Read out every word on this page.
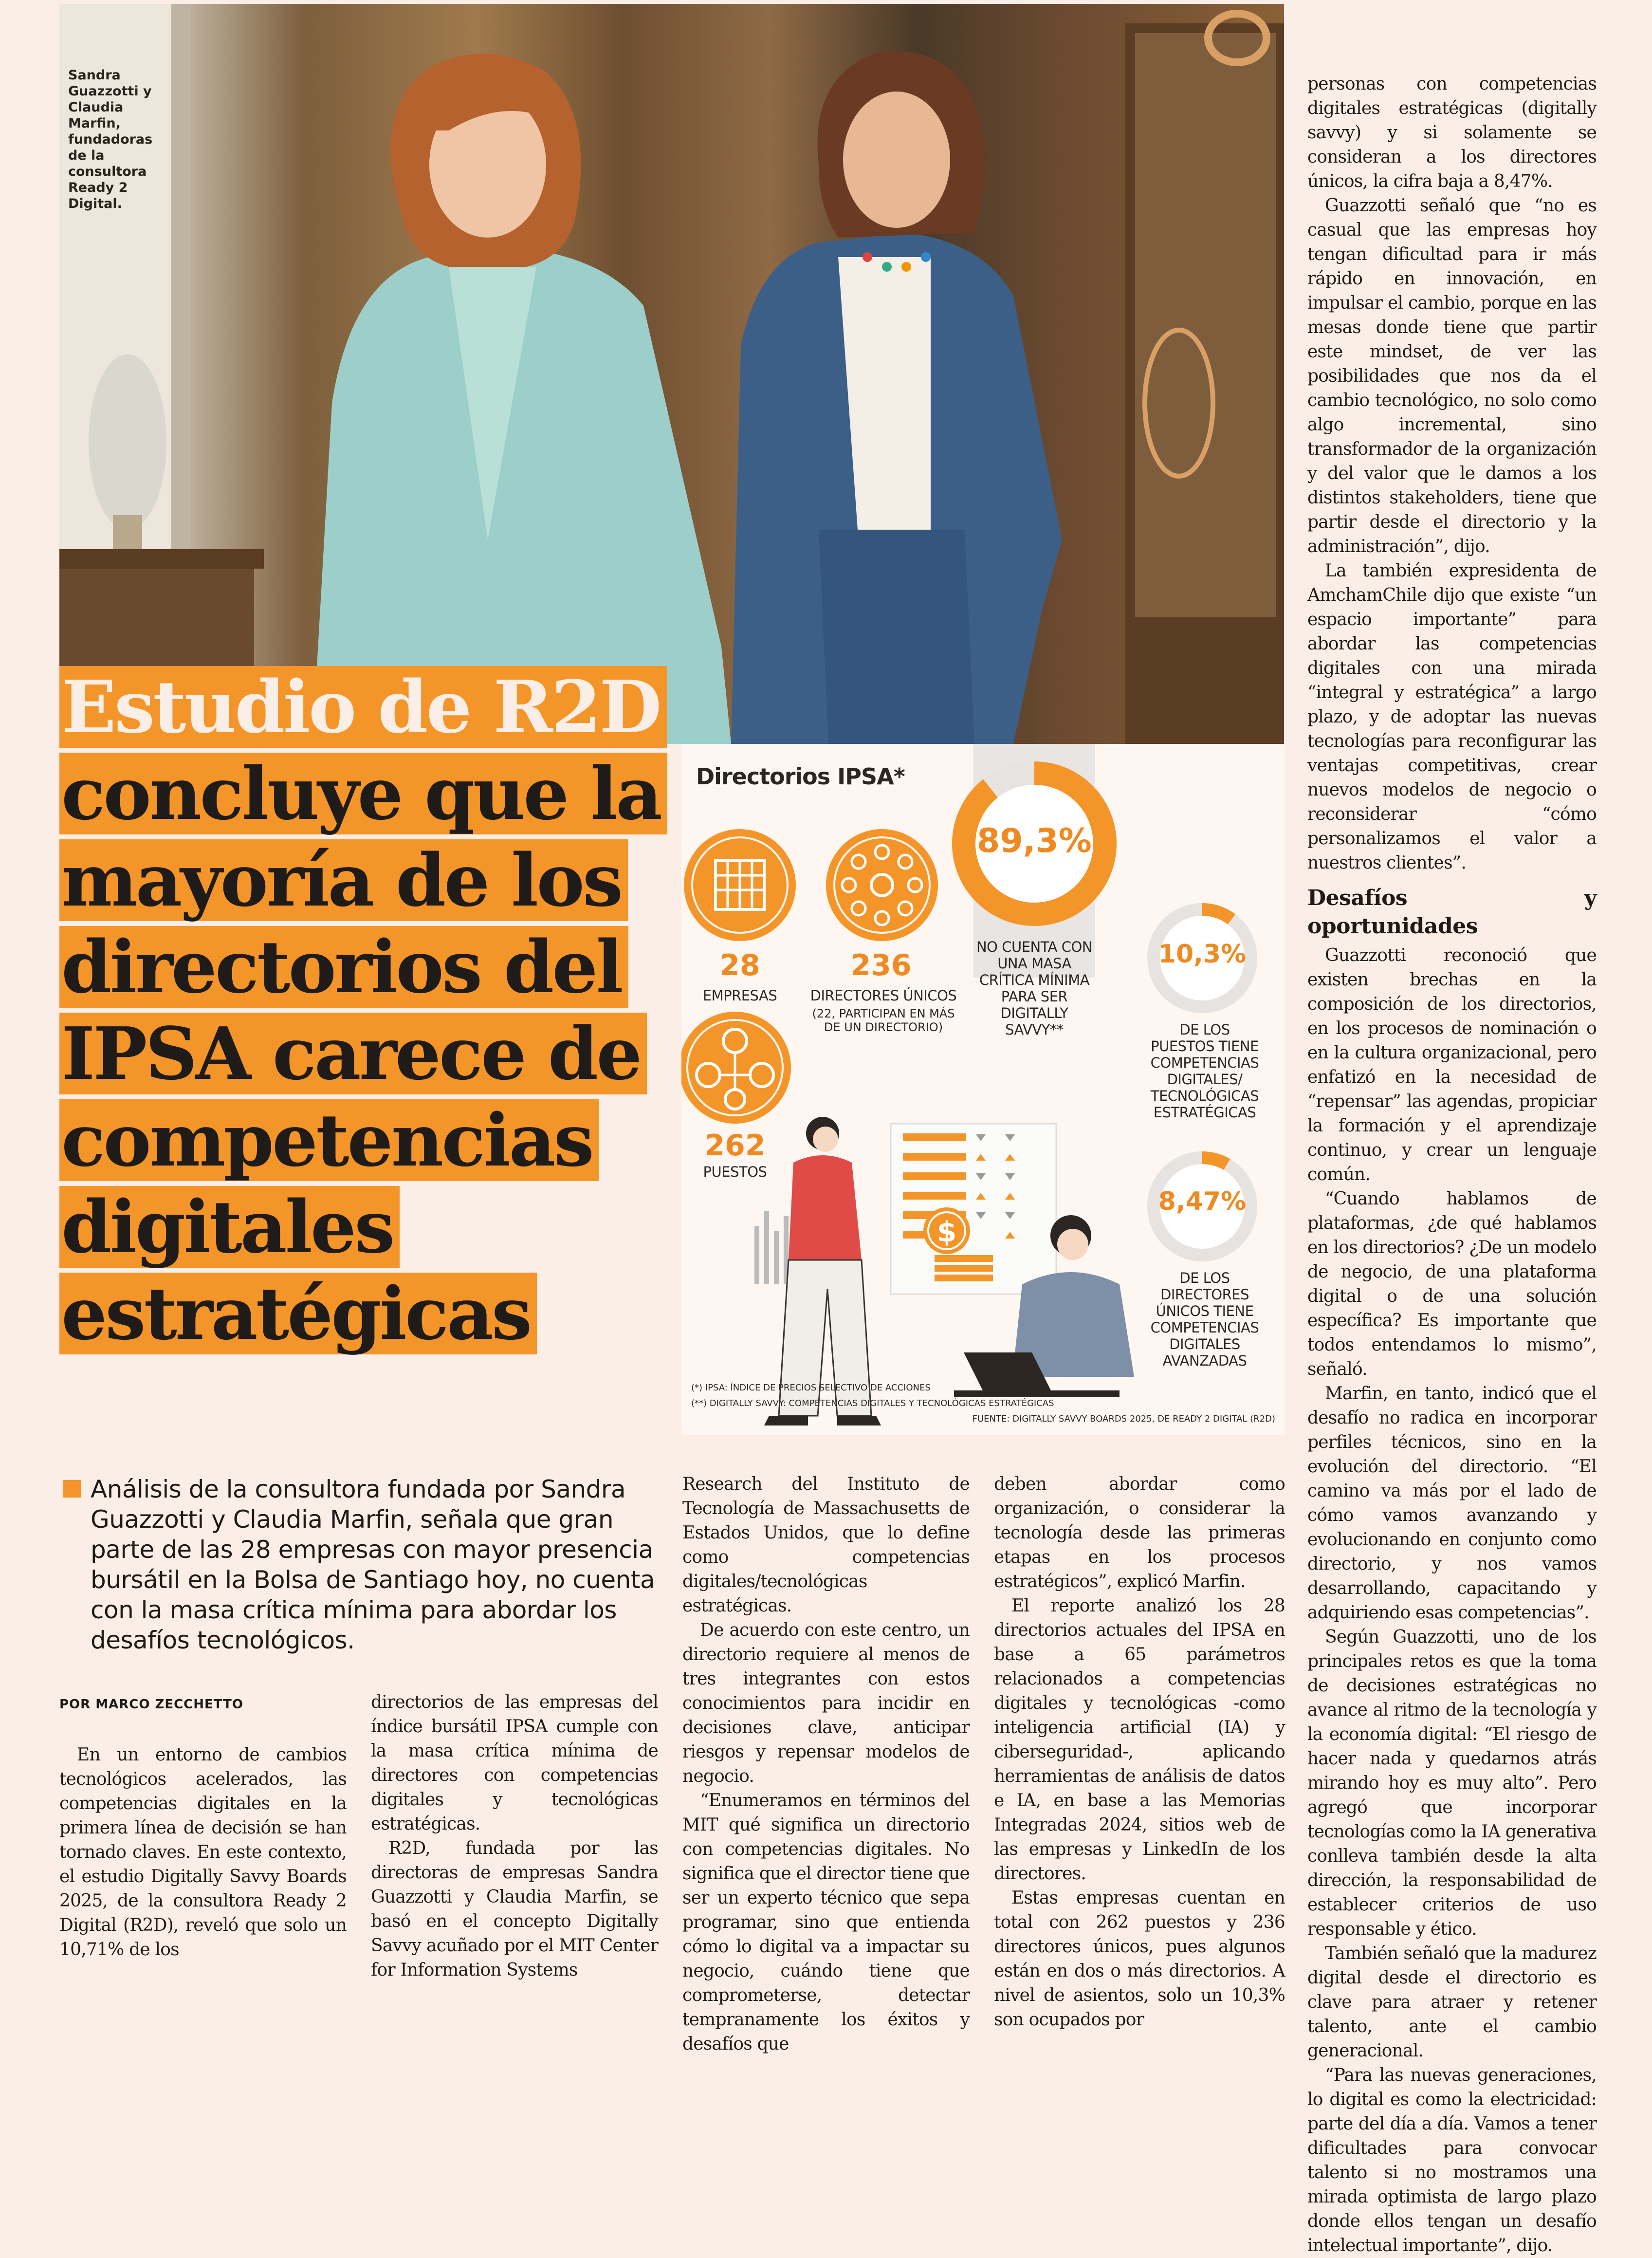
Sandra Guazzotti y Claudia Marfin, fundadoras de la consultora Ready 2 Digital.
Estudio de R2D
concluye que la
mayoría de los
directorios del
IPSA carece de
competencias
digitales
estratégicas
Directorios IPSA*
28
EMPRESAS
236
DIRECTORES ÚNICOS
(22, PARTICIPAN EN MÁS DE UN DIRECTORIO)
262
PUESTOS
89,3%
NO CUENTA CON UNA MASA CRÍTICA MÍNIMA PARA SER DIGITALLY SAVVY**
10,3%
DE LOS PUESTOS TIENE COMPETENCIAS DIGITALES/ TECNOLÓGICAS ESTRATÉGICAS
8,47%
DE LOS DIRECTORES ÚNICOS TIENE COMPETENCIAS DIGITALES AVANZADAS
$
(*) IPSA: ÍNDICE DE PRECIOS SELECTIVO DE ACCIONES
(**) DIGITALLY SAVVY: COMPETENCIAS DIGITALES Y TECNOLÓGICAS ESTRATÉGICAS
FUENTE: DIGITALLY SAVVY BOARDS 2025, DE READY 2 DIGITAL (R2D)
Análisis de la consultora fundada por Sandra Guazzotti y Claudia Marfin, señala que gran parte de las 28 empresas con mayor presencia bursátil en la Bolsa de Santiago hoy, no cuenta con la masa crítica mínima para abordar los desafíos tecnológicos.
POR MARCO ZECCHETTO

En un entorno de cambios tecnológicos acelerados, las competencias digitales en la primera línea de decisión se han tornado claves. En este contexto, el estudio Digitally Savvy Boards 2025, de la consultora Ready 2 Digital (R2D), reveló que solo un 10,71% de los

directorios de las empresas del índice bursátil IPSA cumple con la masa crítica mínima de directores con competencias digitales y tecnológicas estratégicas.

R2D, fundada por las directoras de empresas Sandra Guazzotti y Claudia Marfin, se basó en el concepto Digitally Savvy acuñado por el MIT Center for Information Systems

Research del Instituto de Tecnología de Massachusetts de Estados Unidos, que lo define como competencias digitales/tecnológicas estratégicas.

De acuerdo con este centro, un directorio requiere al menos de tres integrantes con estos conocimientos para incidir en decisiones clave, anticipar riesgos y repensar modelos de negocio.

“Enumeramos en términos del MIT qué significa un directorio con competencias digitales. No significa que el director tiene que ser un experto técnico que sepa programar, sino que entienda cómo lo digital va a impactar su negocio, cuándo tiene que comprometerse, detectar tempranamente los éxitos y desafíos que

deben abordar como organización, o considerar la tecnología desde las primeras etapas en los procesos estratégicos”, explicó Marfin.

El reporte analizó los 28 directorios actuales del IPSA en base a 65 parámetros relacionados a competencias digitales y tecnológicas -como inteligencia artificial (IA) y ciberseguridad-, aplicando herramientas de análisis de datos e IA, en base a las Memorias Integradas 2024, sitios web de las empresas y LinkedIn de los directores.

Estas empresas cuentan en total con 262 puestos y 236 directores únicos, pues algunos están en dos o más directorios. A nivel de asientos, solo un 10,3% son ocupados por

personas con competencias digitales estratégicas (digitally savvy) y si solamente se consideran a los directores únicos, la cifra baja a 8,47%.

Guazzotti señaló que “no es casual que las empresas hoy tengan dificultad para ir más rápido en innovación, en impulsar el cambio, porque en las mesas donde tiene que partir este mindset, de ver las posibilidades que nos da el cambio tecnológico, no solo como algo incremental, sino transformador de la organización y del valor que le damos a los distintos stakeholders, tiene que partir desde el directorio y la administración”, dijo.

La también expresidenta de AmchamChile dijo que existe “un espacio importante” para abordar las competencias digitales con una mirada “integral y estratégica” a largo plazo, y de adoptar las nuevas tecnologías para reconfigurar las ventajas competitivas, crear nuevos modelos de negocio o reconsiderar “cómo personalizamos el valor a nuestros clientes”.

Desafíos y oportunidades

Guazzotti reconoció que existen brechas en la composición de los directorios, en los procesos de nominación o en la cultura organizacional, pero enfatizó en la necesidad de “repensar” las agendas, propiciar la formación y el aprendizaje continuo, y crear un lenguaje común.

“Cuando hablamos de plataformas, ¿de qué hablamos en los directorios? ¿De un modelo de negocio, de una plataforma digital o de una solución específica? Es importante que todos entendamos lo mismo”, señaló.

Marfin, en tanto, indicó que el desafío no radica en incorporar perfiles técnicos, sino en la evolución del directorio. “El camino va más por el lado de cómo vamos avanzando y evolucionando en conjunto como directorio, y nos vamos desarrollando, capacitando y adquiriendo esas competencias”.

Según Guazzotti, uno de los principales retos es que la toma de decisiones estratégicas no avance al ritmo de la tecnología y la economía digital: “El riesgo de hacer nada y quedarnos atrás mirando hoy es muy alto”. Pero agregó que incorporar tecnologías como la IA generativa conlleva también desde la alta dirección, la responsabilidad de establecer criterios de uso responsable y ético.

También señaló que la madurez digital desde el directorio es clave para atraer y retener talento, ante el cambio generacional.

“Para las nuevas generaciones, lo digital es como la electricidad: parte del día a día. Vamos a tener dificultades para convocar talento si no mostramos una mirada optimista de largo plazo donde ellos tengan un desafío intelectual importante”, dijo.
